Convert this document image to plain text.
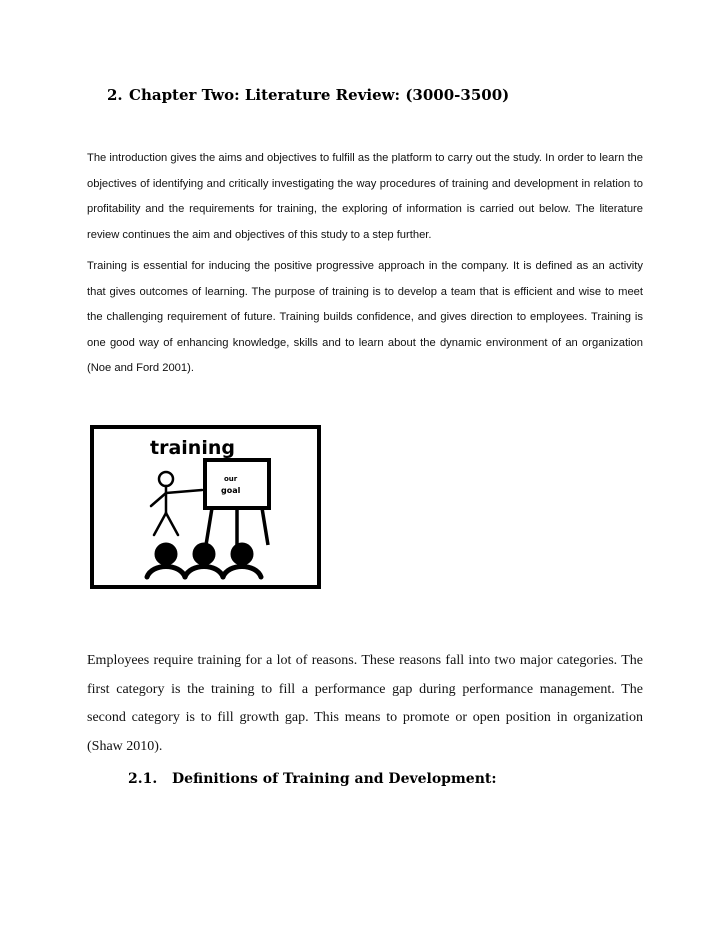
2. Chapter Two: Literature Review: (3000-3500)

The introduction gives the aims and objectives to fulfill as the platform to carry out the study. In order to learn the objectives of identifying and critically investigating the way procedures of training and development in relation to profitability and the requirements for training, the exploring of information is carried out below. The literature review continues the aim and objectives of this study to a step further.

Training is essential for inducing the positive progressive approach in the company. It is defined as an activity that gives outcomes of learning. The purpose of training is to develop a team that is efficient and wise to meet the challenging requirement of future. Training builds confidence, and gives direction to employees. Training is one good way of enhancing knowledge, skills and to learn about the dynamic environment of an organization (Noe and Ford 2001).

training
our
goal

Employees require training for a lot of reasons. These reasons fall into two major categories. The first category is the training to fill a performance gap during performance management. The second category is to fill growth gap. This means to promote or open position in organization (Shaw 2010).

2.1. Definitions of Training and Development:
